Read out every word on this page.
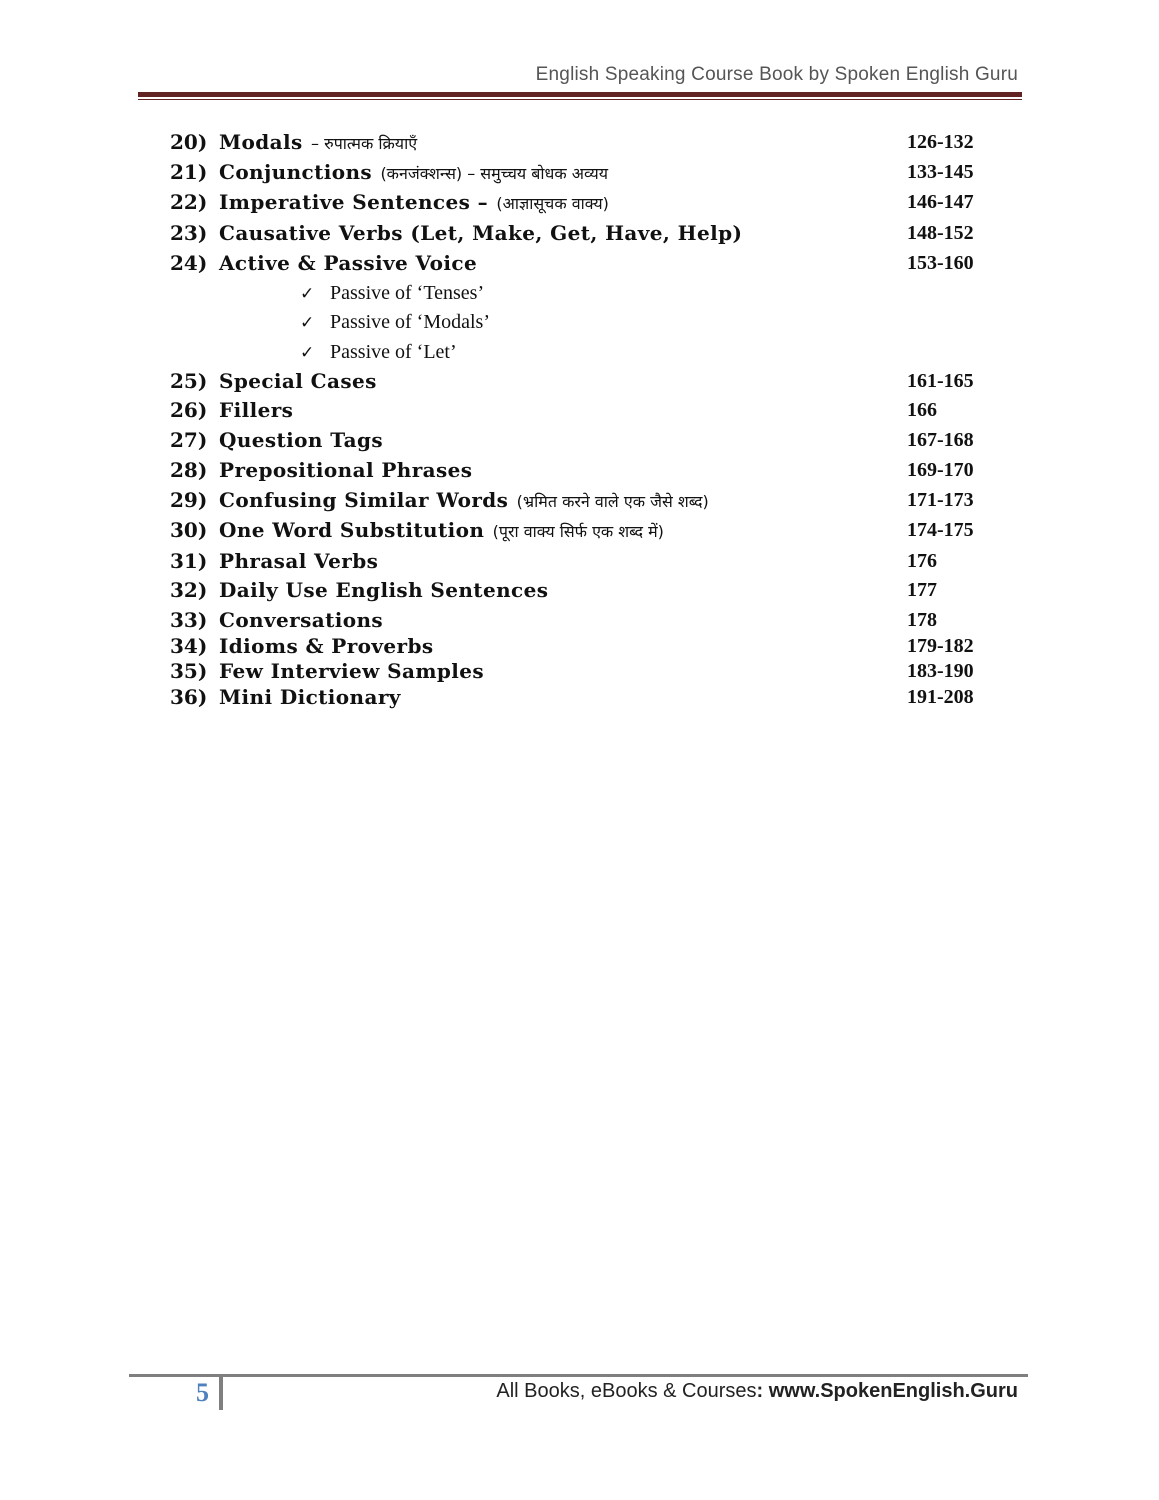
English Speaking Course Book by Spoken English Guru
20) Modals – रुपात्मक क्रियाएँ	126-132
21) Conjunctions (कनजंक्शन्स) – समुच्चय बोधक अव्यय	133-145
22) Imperative Sentences – (आज्ञासूचक वाक्य)	146-147
23) Causative Verbs (Let, Make, Get, Have, Help)	148-152
24) Active & Passive Voice	153-160
✓ Passive of ‘Tenses’
✓ Passive of ‘Modals’
✓ Passive of ‘Let’
25) Special Cases	161-165
26) Fillers	166
27) Question Tags	167-168
28) Prepositional Phrases	169-170
29) Confusing Similar Words (भ्रमित करने वाले एक जैसे शब्द)	171-173
30) One Word Substitution (पूरा वाक्य सिर्फ एक शब्द में)	174-175
31) Phrasal Verbs	176
32) Daily Use English Sentences	177
33) Conversations	178
34) Idioms & Proverbs	179-182
35) Few Interview Samples	183-190
36) Mini Dictionary	191-208
5	All Books, eBooks & Courses: www.SpokenEnglish.Guru
